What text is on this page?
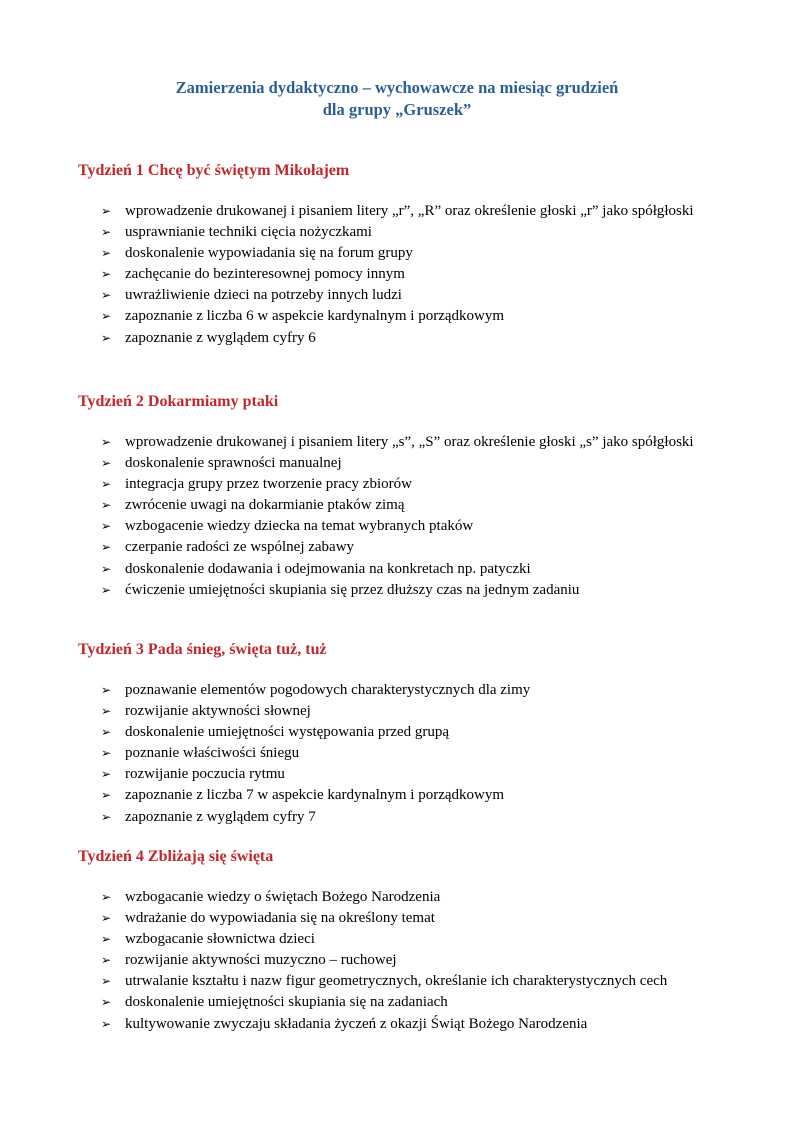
Zamierzenia dydaktyczno – wychowawcze na miesiąc grudzień
dla grupy „Gruszek”
Tydzień 1 Chcę być świętym Mikołajem
➢ wprowadzenie drukowanej i pisaniem litery „r”, „R” oraz określenie głoski „r” jako spółgłoski
➢ usprawnianie techniki cięcia nożyczkami
➢ doskonalenie wypowiadania się na forum grupy
➢ zachęcanie do bezinteresownej pomocy innym
➢ uwrażliwienie dzieci na potrzeby innych ludzi
➢ zapoznanie z liczba 6 w aspekcie kardynalnym i porządkowym
➢ zapoznanie z wyglądem cyfry 6
Tydzień 2 Dokarmiamy ptaki
➢ wprowadzenie drukowanej i pisaniem litery „s”, „S” oraz określenie głoski „s” jako spółgłoski
➢ doskonalenie sprawności manualnej
➢ integracja grupy przez tworzenie pracy zbiorów
➢ zwrócenie uwagi na dokarmianie ptaków zimą
➢ wzbogacenie wiedzy dziecka na temat wybranych ptaków
➢ czerpanie radości ze wspólnej zabawy
➢ doskonalenie dodawania i odejmowania na konkretach np. patyczki
➢ ćwiczenie umiejętności skupiania się przez dłuższy czas na jednym zadaniu
Tydzień 3 Pada śnieg, święta tuż, tuż
➢ poznawanie elementów pogodowych charakterystycznych dla zimy
➢ rozwijanie aktywności słownej
➢ doskonalenie umiejętności występowania przed grupą
➢ poznanie właściwości śniegu
➢ rozwijanie poczucia rytmu
➢ zapoznanie z liczba 7 w aspekcie kardynalnym i porządkowym
➢ zapoznanie z wyglądem cyfry 7
Tydzień 4 Zbliżają się święta
➢ wzbogacanie wiedzy o świętach Bożego Narodzenia
➢ wdrażanie do wypowiadania się na określony temat
➢ wzbogacanie słownictwa dzieci
➢ rozwijanie aktywności muzyczno – ruchowej
➢ utrwalanie kształtu i nazw figur geometrycznych, określanie ich charakterystycznych cech
➢ doskonalenie umiejętności skupiania się na zadaniach
➢ kultywowanie zwyczaju składania życzeń z okazji Świąt Bożego Narodzenia
